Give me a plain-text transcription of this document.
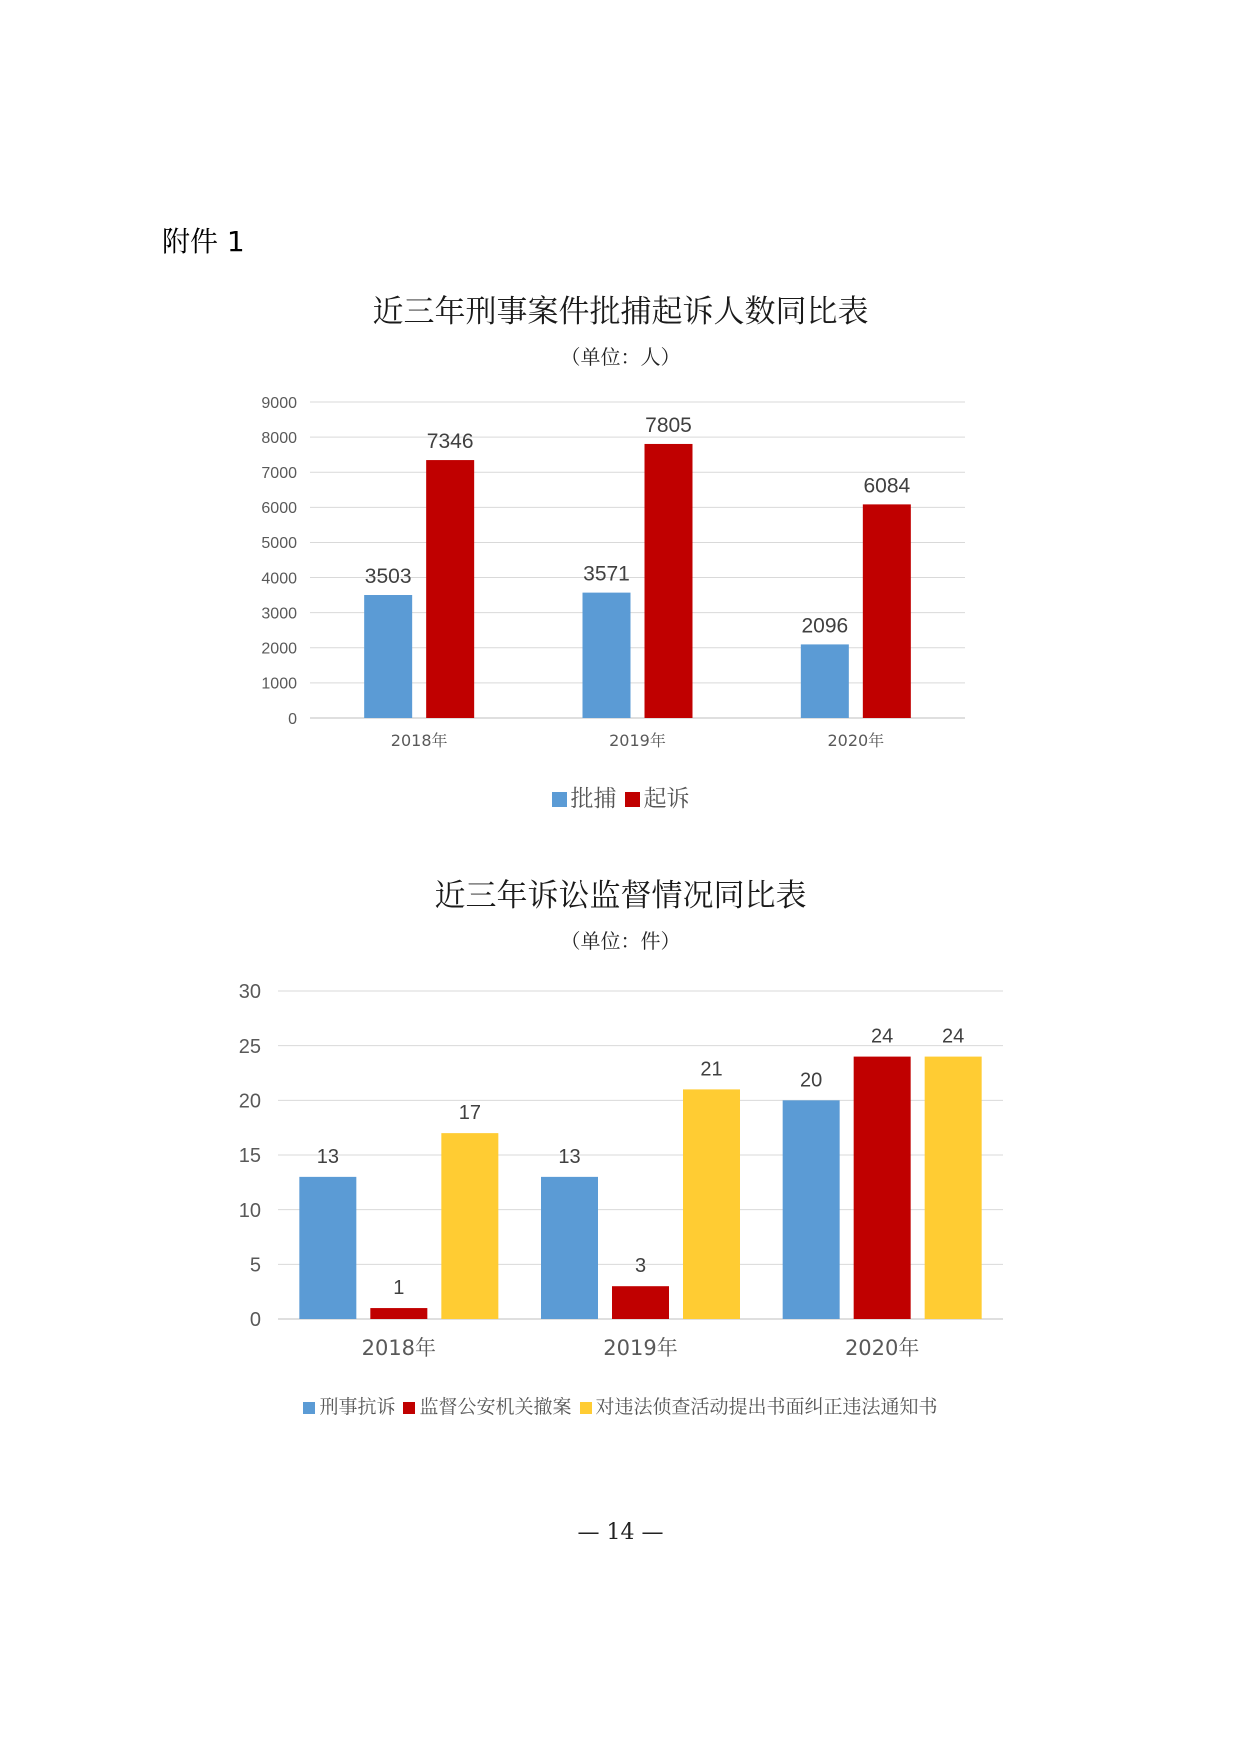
附件 1
近三年刑事案件批捕起诉人数同比表
（单位：人）
0
1000
2000
3000
4000
5000
6000
7000
8000
9000
3503
7346
2018年
3571
7805
2019年
2096
6084
2020年
批捕 起诉
近三年诉讼监督情况同比表
（单位：件）
0
5
10
15
20
25
30
13
1
17
2018年
13
3
21
2019年
20
24 24
2020年
刑事抗诉 监督公安机关撤案 对违法侦查活动提出书面纠正违法通知书
— 14 —
